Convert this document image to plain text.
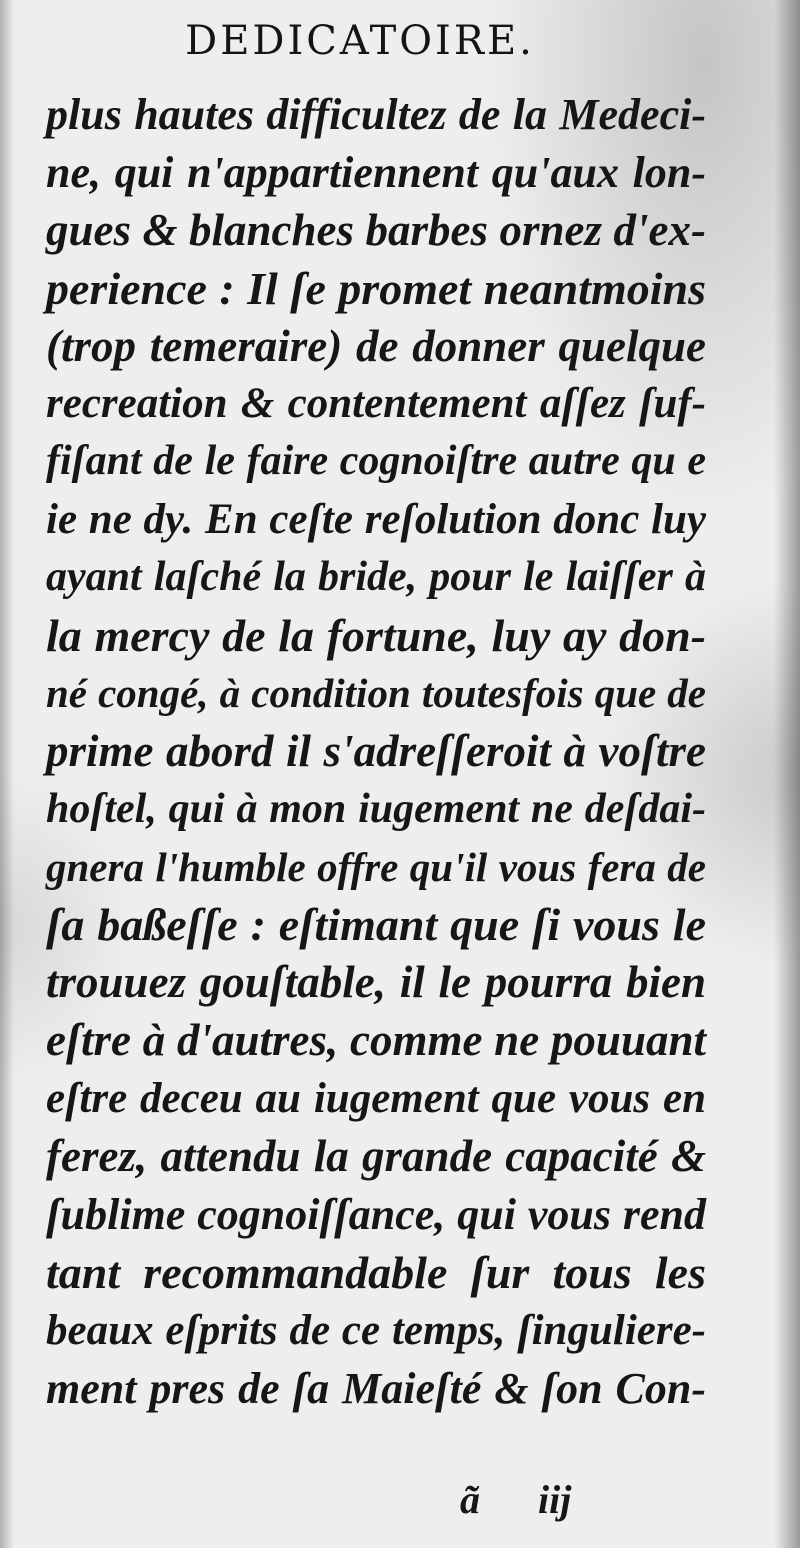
DEDICATOIRE.
plus hautes difficultez de la Medeci-
ne, qui n'appartiennent qu'aux lon-
gues & blanches barbes ornez d'ex-
perience : Il ſe promet neantmoins
(trop temeraire) de donner quelque
recreation & contentement aſſez ſuf-
fiſant de le faire cognoiſtre autre qu e
ie ne dy. En ceſte reſolution donc luy
ayant laſché la bride, pour le laiſſer à
la mercy de la fortune, luy ay don-
né congé, à condition toutesfois que de
prime abord il s'adreſſeroit à voſtre
hoſtel, qui à mon iugement ne deſdai-
gnera l'humble offre qu'il vous fera de
ſa baßeſſe : eſtimant que ſi vous le
trouuez gouſtable, il le pourra bien
eſtre à d'autres, comme ne pouuant
eſtre deceu au iugement que vous en
ferez, attendu la grande capacité &
ſublime cognoiſſance, qui vous rend
tant recommandable ſur tous les
beaux eſprits de ce temps, ſinguliere-
ment pres de ſa Maieſté & ſon Con-
ã iij
